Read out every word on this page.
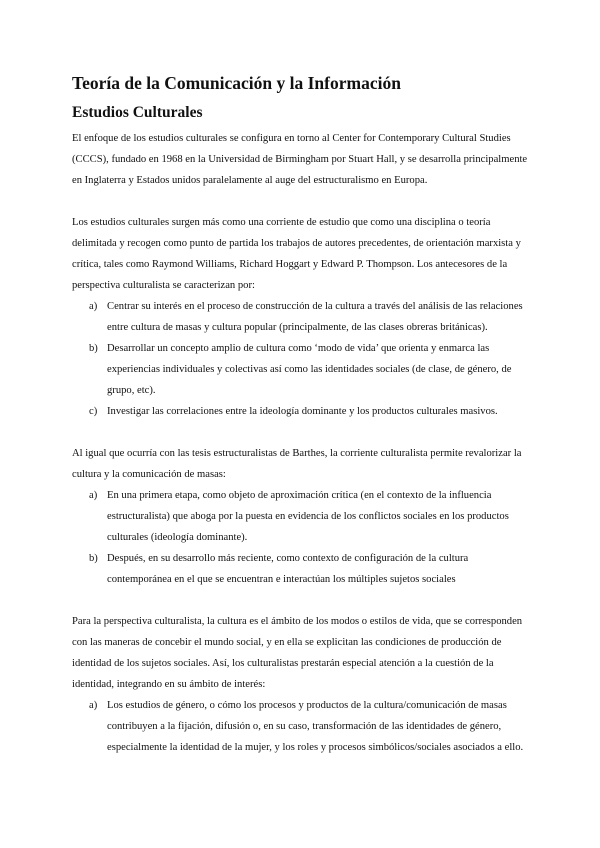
Teoría de la Comunicación y la Información
Estudios Culturales

El enfoque de los estudios culturales se configura en torno al Center for Contemporary Cultural Studies (CCCS), fundado en 1968 en la Universidad de Birmingham por Stuart Hall, y se desarrolla principalmente en Inglaterra y Estados unidos paralelamente al auge del estructuralismo en Europa.

Los estudios culturales surgen más como una corriente de estudio que como una disciplina o teoría delimitada y recogen como punto de partida los trabajos de autores precedentes, de orientación marxista y crítica, tales como Raymond Williams, Richard Hoggart y Edward P. Thompson. Los antecesores de la perspectiva culturalista se caracterizan por:

a) Centrar su interés en el proceso de construcción de la cultura a través del análisis de las relaciones entre cultura de masas y cultura popular (principalmente, de las clases obreras británicas).
b) Desarrollar un concepto amplio de cultura como ‘modo de vida’ que orienta y enmarca las experiencias individuales y colectivas así como las identidades sociales (de clase, de género, de grupo, etc).
c) Investigar las correlaciones entre la ideología dominante y los productos culturales masivos.

Al igual que ocurría con las tesis estructuralistas de Barthes, la corriente culturalista permite revalorizar la cultura y la comunicación de masas:

a) En una primera etapa, como objeto de aproximación crítica (en el contexto de la influencia estructuralista) que aboga por la puesta en evidencia de los conflictos sociales en los productos culturales (ideología dominante).
b) Después, en su desarrollo más reciente, como contexto de configuración de la cultura contemporánea en el que se encuentran e interactúan los múltiples sujetos sociales

Para la perspectiva culturalista, la cultura es el ámbito de los modos o estilos de vida, que se corresponden con las maneras de concebir el mundo social, y en ella se explicitan las condiciones de producción de identidad de los sujetos sociales. Así, los culturalistas prestarán especial atención a la cuestión de la identidad, integrando en su ámbito de interés:

a) Los estudios de género, o cómo los procesos y productos de la cultura/comunicación de masas contribuyen a la fijación, difusión o, en su caso, transformación de las identidades de género, especialmente la identidad de la mujer, y los roles y procesos simbólicos/sociales asociados a ello.
